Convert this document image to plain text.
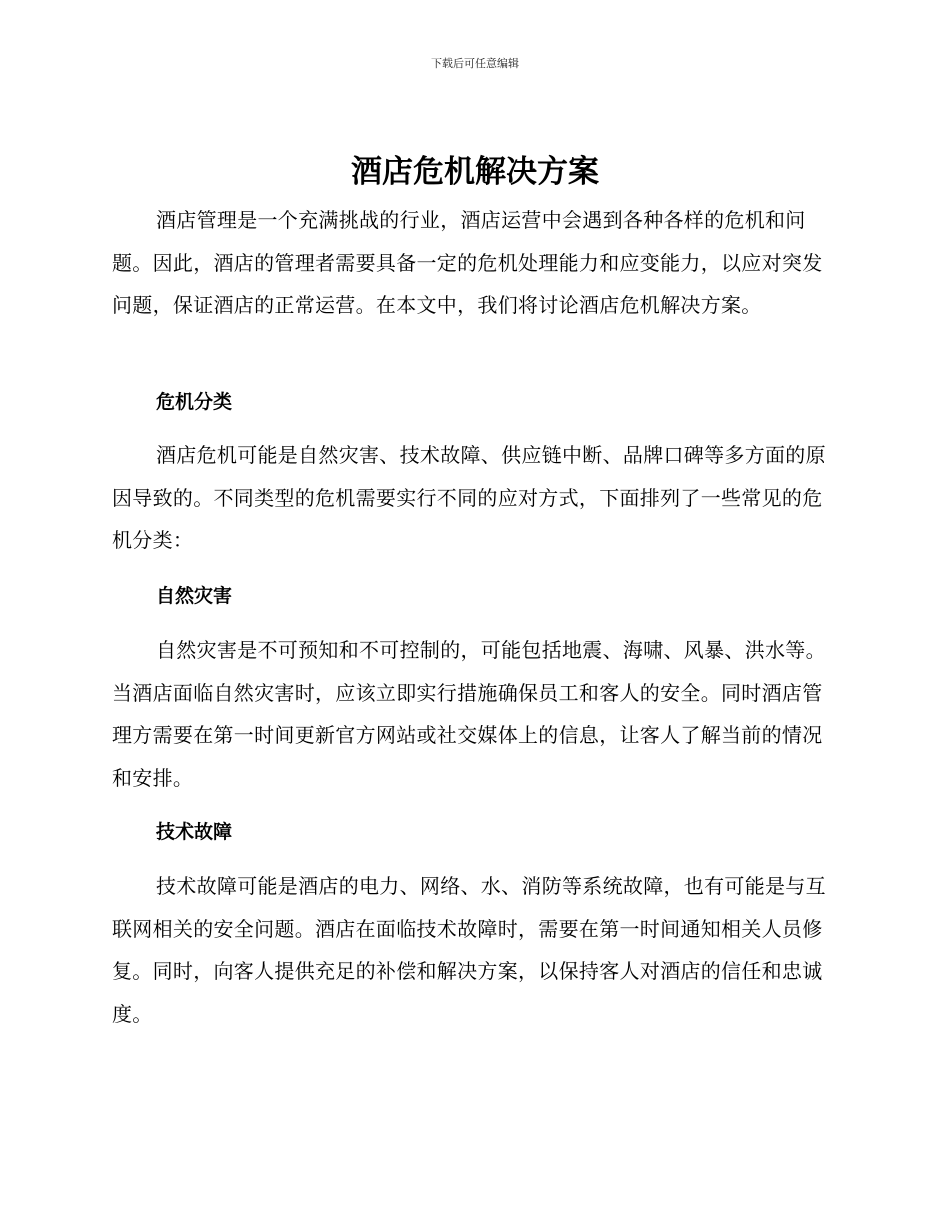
下载后可任意编辑
酒店危机解决方案

酒店管理是一个充满挑战的行业，酒店运营中会遇到各种各样的危机和问题。因此，酒店的管理者需要具备一定的危机处理能力和应变能力，以应对突发问题，保证酒店的正常运营。在本文中，我们将讨论酒店危机解决方案。

危机分类

酒店危机可能是自然灾害、技术故障、供应链中断、品牌口碑等多方面的原因导致的。不同类型的危机需要实行不同的应对方式，下面排列了一些常见的危机分类：

自然灾害

自然灾害是不可预知和不可控制的，可能包括地震、海啸、风暴、洪水等。当酒店面临自然灾害时，应该立即实行措施确保员工和客人的安全。同时酒店管理方需要在第一时间更新官方网站或社交媒体上的信息，让客人了解当前的情况和安排。

技术故障

技术故障可能是酒店的电力、网络、水、消防等系统故障，也有可能是与互联网相关的安全问题。酒店在面临技术故障时，需要在第一时间通知相关人员修复。同时，向客人提供充足的补偿和解决方案，以保持客人对酒店的信任和忠诚度。
